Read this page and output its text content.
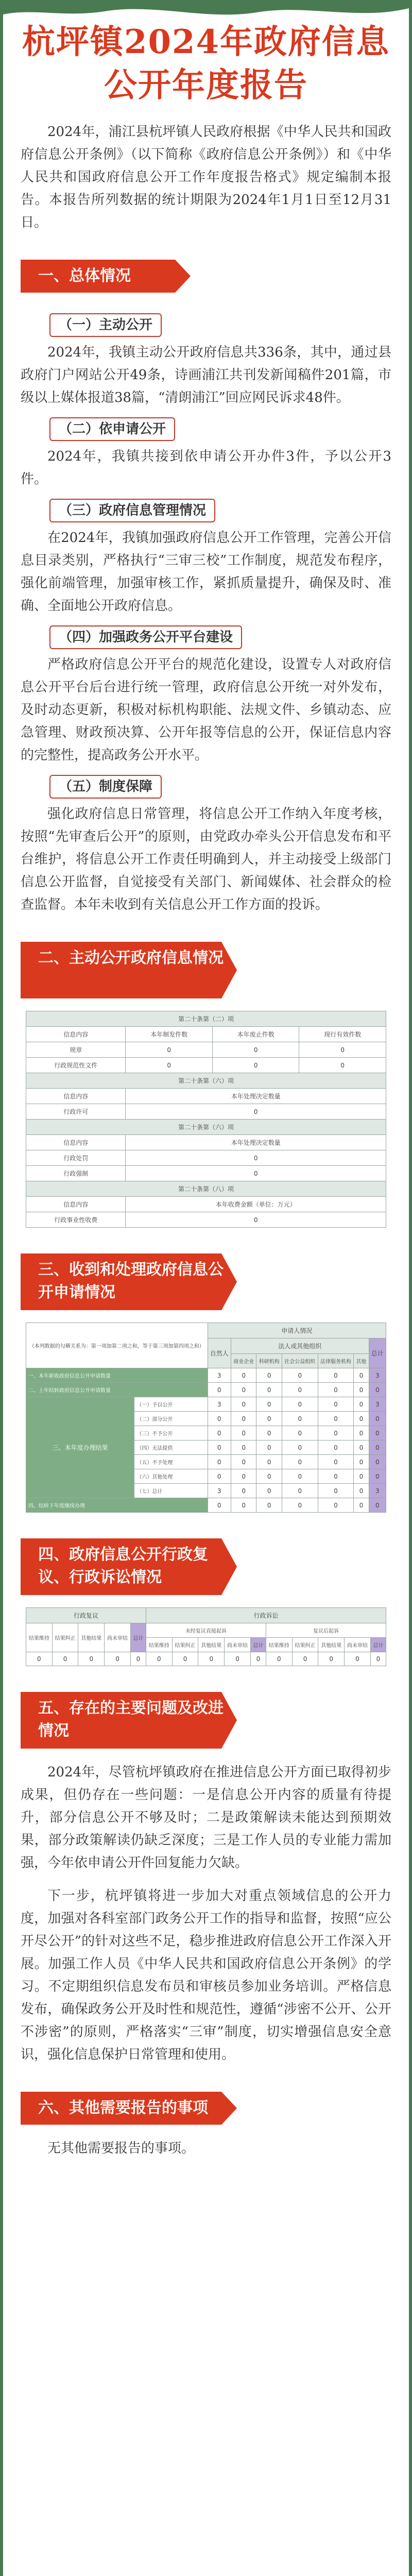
杭坪镇2024年政府信息公开年度报告

2024年，浦江县杭坪镇人民政府根据《中华人民共和国政府信息公开条例》（以下简称《政府信息公开条例》）和《中华人民共和国政府信息公开工作年度报告格式》规定编制本报告。本报告所列数据的统计期限为2024年1月1日至12月31日。

一、总体情况
（一）主动公开

2024年，我镇主动公开政府信息共336条，其中，通过县政府门户网站公开49条，诗画浦江共刊发新闻稿件201篇，市级以上媒体报道38篇，“清朗浦江”回应网民诉求48件。

（二）依申请公开

2024年，我镇共接到依申请公开办件3件，予以公开3件。

（三）政府信息管理情况

在2024年，我镇加强政府信息公开工作管理，完善公开信息目录类别，严格执行“三审三校”工作制度，规范发布程序，强化前端管理，加强审核工作，紧抓质量提升，确保及时、准确、全面地公开政府信息。

（四）加强政务公开平台建设

严格政府信息公开平台的规范化建设，设置专人对政府信息公开平台后台进行统一管理，政府信息公开统一对外发布，及时动态更新，积极对标机构职能、法规文件、乡镇动态、应急管理、财政预决算、公开年报等信息的公开，保证信息内容的完整性，提高政务公开水平。

（五）制度保障

强化政府信息日常管理，将信息公开工作纳入年度考核，按照“先审查后公开”的原则，由党政办牵头公开信息发布和平台维护，将信息公开工作责任明确到人，并主动接受上级部门信息公开监督，自觉接受有关部门、新闻媒体、社会群众的检查监督。本年未收到有关信息公开工作方面的投诉。

二、主动公开政府信息情况
第二十条第（二）项			
信息内容	本年制发件数	本年废止件数	现行有效件数
规章	0	0	0
行政规范性文件	0	0	0
第二十条第（六）项			
信息内容	本年处理决定数量		
行政许可	0		
第二十条第（六）项			
信息内容	本年处理决定数量		
行政处罚	0		
行政强制	0		
第二十条第（八）项			
信息内容	本年收费金额（单位：万元）		
行政事业性收费	0		
三、收到和处理政府信息公开申请情况
（本列数据的勾稽关系为：第一项加第二项之和，等于第三项加第四项之和）		申请人情况						
		自然人	法人或其他组织					总计
			商业企业	科研机构	社会公益组织	法律服务机构	其他	
一、本年新收政府信息公开申请数量		3	0	0	0	0	0	3
二、上年结转政府信息公开申请数量		0	0	0	0	0	0	0
三、本年度办理结果	（一）予以公开	3	0	0	0	0	0	3
	（二）部分公开	0	0	0	0	0	0	0
	（三）不予公开	0	0	0	0	0	0	0
	（四）无法提供	0	0	0	0	0	0	0
	（五）不予处理	0	0	0	0	0	0	0
	（六）其他处理	0	0	0	0	0	0	0
	（七）总计	3	0	0	0	0	0	3
四、结转下年度继续办理		0	0	0	0	0	0	0
四、政府信息公开行政复议、行政诉讼情况
行政复议					行政诉讼									
结果维持	结果纠正	其他结果	尚未审结	总计	未经复议直接起诉					复议后起诉				
					结果维持	结果纠正	其他结果	尚未审结	总计	结果维持	结果纠正	其他结果	尚未审结	总计
0	0	0	0	0	0	0	0	0	0	0	0	0	0	0
五、存在的主要问题及改进情况

2024年，尽管杭坪镇政府在推进信息公开方面已取得初步成果，但仍存在一些问题：一是信息公开内容的质量有待提升，部分信息公开不够及时；二是政策解读未能达到预期效果，部分政策解读仍缺乏深度；三是工作人员的专业能力需加强，今年依申请公开件回复能力欠缺。

下一步，杭坪镇将进一步加大对重点领域信息的公开力度，加强对各科室部门政务公开工作的指导和监督，按照“应公开尽公开”的针对这些不足，稳步推进政府信息公开工作深入开展。加强工作人员《中华人民共和国政府信息公开条例》的学习。不定期组织信息发布员和审核员参加业务培训。严格信息发布，确保政务公开及时性和规范性，遵循“涉密不公开、公开不涉密”的原则，严格落实“三审”制度，切实增强信息安全意识，强化信息保护日常管理和使用。

六、其他需要报告的事项

无其他需要报告的事项。
